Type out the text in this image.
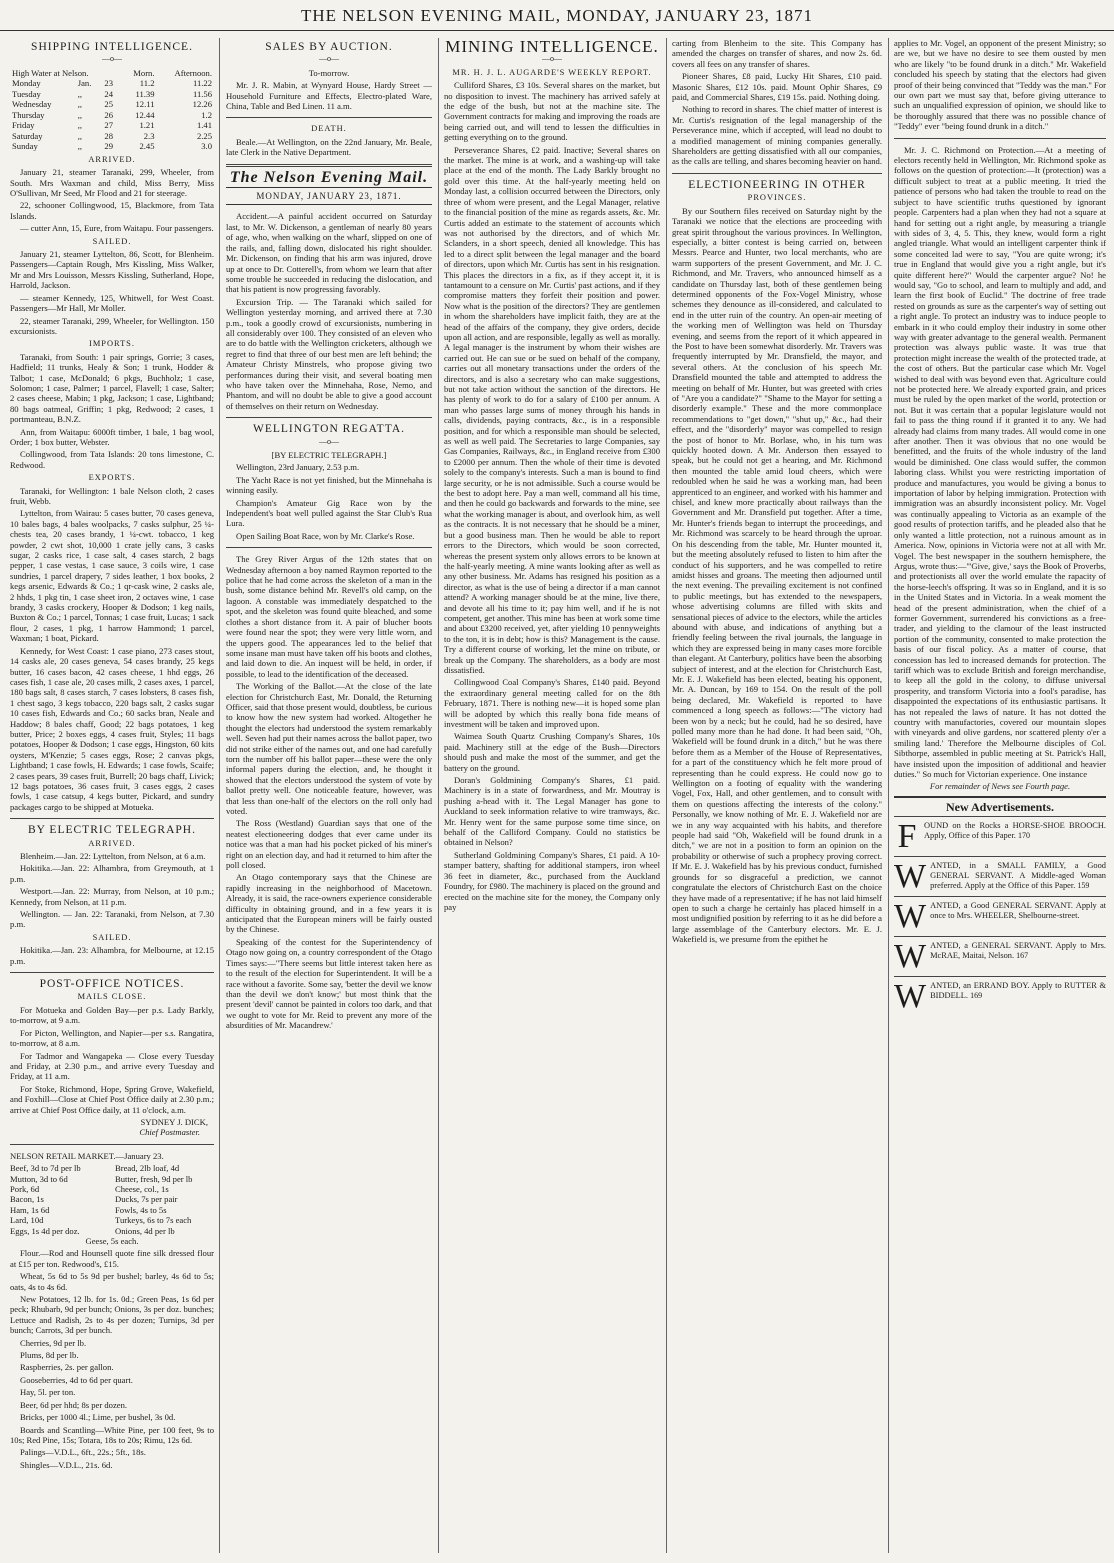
THE NELSON EVENING MAIL, MONDAY, JANUARY 23, 1871
SHIPPING INTELLIGENCE.
—o—
High Water at Nelson.			Morn.	Afternoon.
Monday	Jan.	23	11.2	11.22
Tuesday	,,	24	11.39	11.56
Wednesday	,,	25	12.11	12.26
Thursday	,,	26	12.44	1.2
Friday	,,	27	1.21	1.41
Saturday	,,	28	2.3	2.25
Sunday	,,	29	2.45	3.0
ARRIVED.

January 21, steamer Taranaki, 299, Wheeler, from South. Mrs Waxman and child, Miss Berry, Miss O'Sullivan, Mr Seed, Mr Flood and 21 for steerage.

22, schooner Collingwood, 15, Blackmore, from Tata Islands.

— cutter Ann, 15, Eure, from Waitapu. Four passengers.

SAILED.

January 21, steamer Lyttelton, 86, Scott, for Blenheim. Passengers—Captain Rough, Mrs Kissling, Miss Walker, Mr and Mrs Louisson, Messrs Kissling, Sutherland, Hope, Harrold, Jackson.

— steamer Kennedy, 125, Whitwell, for West Coast. Passengers—Mr Hall, Mr Moller.

22, steamer Taranaki, 299, Wheeler, for Wellington. 150 excursionists.

IMPORTS.

Taranaki, from South: 1 pair springs, Gorrie; 3 cases, Hadfield; 11 trunks, Healy & Son; 1 trunk, Hodder & Talbot; 1 case, McDonald; 6 pkgs, Buchholz; 1 case, Solomon; 1 case, Palmer; 1 parcel, Flavell; 1 case, Salter; 2 cases cheese, Mabin; 1 pkg, Jackson; 1 case, Lightband; 80 bags oatmeal, Griffin; 1 pkg, Redwood; 2 cases, 1 portmanteau, B.N.Z.

Ann, from Waitapu: 6000ft timber, 1 bale, 1 bag wool, Order; 1 box butter, Webster.

Collingwood, from Tata Islands: 20 tons limestone, C. Redwood.

EXPORTS.

Taranaki, for Wellington: 1 bale Nelson cloth, 2 cases fruit, Webb.

Lyttelton, from Wairau: 5 cases butter, 70 cases geneva, 10 bales bags, 4 bales woolpacks, 7 casks sulphur, 25 ¼-chests tea, 20 cases brandy, 1 ¼-cwt. tobacco, 1 keg powder, 2 cwt shot, 10,000 1 crate jelly cans, 3 casks sugar, 2 casks rice, 1 case salt, 4 cases starch, 2 bags pepper, 1 case vestas, 1 case sauce, 3 coils wire, 1 case sundries, 1 parcel drapery, 7 sides leather, 1 box books, 2 kegs arsenic, Edwards & Co.; 1 qr-cask wine, 2 casks ale, 2 hhds, 1 pkg tin, 1 case sheet iron, 2 octaves wine, 1 case brandy, 3 casks crockery, Hooper & Dodson; 1 keg nails, Buxton & Co.; 1 parcel, Tonnas; 1 case fruit, Lucas; 1 sack flour, 2 cases, 1 pkg, 1 harrow Hammond; 1 parcel, Waxman; 1 boat, Pickard.

Kennedy, for West Coast: 1 case piano, 273 cases stout, 14 casks ale, 20 cases geneva, 54 cases brandy, 25 kegs butter, 16 cases bacon, 42 cases cheese, 1 hhd eggs, 26 cases fish, 1 case ale, 20 cases milk, 2 cases axes, 1 parcel, 180 bags salt, 8 cases starch, 7 cases lobsters, 8 cases fish, 1 chest sago, 3 kegs tobacco, 220 bags salt, 2 casks sugar 10 cases fish, Edwards and Co.; 60 sacks bran, Neale and Haddow; 8 bales chaff, Good; 22 bags potatoes, 1 keg butter, Price; 2 boxes eggs, 4 cases fruit, Styles; 11 bags potatoes, Hooper & Dodson; 1 case eggs, Hingston, 60 kits oysters, M'Kenzie; 5 cases eggs, Rose; 2 canvas pkgs, Lightband; 1 case fowls, H. Edwards; 1 case fowls, Scaife; 2 cases pears, 39 cases fruit, Burrell; 20 bags chaff, Livick; 12 bags potatoes, 36 cases fruit, 3 cases eggs, 2 cases fowls, 1 case catsup, 4 kegs butter, Pickard, and sundry packages cargo to be shipped at Motueka.

BY ELECTRIC TELEGRAPH.
ARRIVED.

Blenheim.—Jan. 22: Lyttelton, from Nelson, at 6 a.m.

Hokitika.—Jan. 22: Alhambra, from Greymouth, at 1 p.m.

Westport.—Jan. 22: Murray, from Nelson, at 10 p.m.; Kennedy, from Nelson, at 11 p.m.

Wellington. — Jan. 22: Taranaki, from Nelson, at 7.30 p.m.

SAILED.

Hokitika.—Jan. 23: Alhambra, for Melbourne, at 12.15 p.m.

POST-OFFICE NOTICES.
MAILS CLOSE.

For Motueka and Golden Bay—per p.s. Lady Barkly, to-morrow, at 9 a.m.

For Picton, Wellington, and Napier—per s.s. Rangatira, to-morrow, at 8 a.m.

For Tadmor and Wangapeka — Close every Tuesday and Friday, at 2.30 p.m., and arrive every Tuesday and Friday, at 11 a.m.

For Stoke, Richmond, Hope, Spring Grove, Wakefield, and Foxhill—Close at Chief Post Office daily at 2.30 p.m.; arrive at Chief Post Office daily, at 11 o'clock, a.m.

SYDNEY J. DICK,
Chief Postmaster.

NELSON RETAIL MARKET.—January 23.

Beef, 3d to 7d per lb
Mutton, 3d to 6d
Pork, 6d
Bacon, 1s
Ham, 1s 6d
Lard, 10d
Eggs, 1s 4d per doz.
Bread, 2lb loaf, 4d
Butter, fresh, 9d per lb
Cheese, col., 1s
Ducks, 7s per pair
Fowls, 4s to 5s
Turkeys, 6s to 7s each
Onions, 4d per lb

Geese, 5s each.

Flour.—Rod and Hounsell quote fine silk dressed flour at £15 per ton. Redwood's, £15.

Wheat, 5s 6d to 5s 9d per bushel; barley, 4s 6d to 5s; oats, 4s to 4s 6d.

New Potatoes, 12 lb. for 1s. 0d.; Green Peas, 1s 6d per peck; Rhubarb, 9d per bunch; Onions, 3s per doz. bunches; Lettuce and Radish, 2s to 4s per dozen; Turnips, 3d per bunch; Carrots, 3d per bunch.

Cherries, 9d per lb.

Plums, 8d per lb.

Raspberries, 2s. per gallon.

Gooseberries, 4d to 6d per quart.

Hay, 5l. per ton.

Beer, 6d per hhd; 8s per dozen.

Bricks, per 1000 4l.; Lime, per bushel, 3s 0d.

Boards and Scantling—White Pine, per 100 feet, 9s to 10s; Red Pine, 15s; Totara, 18s to 20s; Rimu, 12s 6d.

Palings—V.D.L., 6ft., 22s.; 5ft., 18s.

Shingles—V.D.L., 21s. 6d.

SALES BY AUCTION.
—o—

To-morrow.

Mr. J. R. Mabin, at Wynyard House, Hardy Street — Household Furniture and Effects, Electro-plated Ware, China, Table and Bed Linen. 11 a.m.

DEATH.

Beale.—At Wellington, on the 22nd January, Mr. Beale, late Clerk in the Native Department.

The Nelson Evening Mail.
MONDAY, JANUARY 23, 1871.

Accident.—A painful accident occurred on Saturday last, to Mr. W. Dickenson, a gentleman of nearly 80 years of age, who, when walking on the wharf, slipped on one of the rails, and, falling down, dislocated his right shoulder. Mr. Dickenson, on finding that his arm was injured, drove up at once to Dr. Cotterell's, from whom we learn that after some trouble he succeeded in reducing the dislocation, and that his patient is now progressing favorably.

Excursion Trip. — The Taranaki which sailed for Wellington yesterday morning, and arrived there at 7.30 p.m., took a goodly crowd of excursionists, numbering in all considerably over 100. They consisted of an eleven who are to do battle with the Wellington cricketers, although we regret to find that three of our best men are left behind; the Amateur Christy Minstrels, who propose giving two performances during their visit, and several boating men who have taken over the Minnehaha, Rose, Nemo, and Phantom, and will no doubt be able to give a good account of themselves on their return on Wednesday.

WELLINGTON REGATTA.
—o—

[BY ELECTRIC TELEGRAPH.]

Wellington, 23rd January, 2.53 p.m.

The Yacht Race is not yet finished, but the Minnehaha is winning easily.

Champion's Amateur Gig Race won by the Independent's boat well pulled against the Star Club's Rua Lura.

Open Sailing Boat Race, won by Mr. Clarke's Rose.

The Grey River Argus of the 12th states that on Wednesday afternoon a boy named Raymon reported to the police that he had come across the skeleton of a man in the bush, some distance behind Mr. Revell's old camp, on the lagoon. A constable was immediately despatched to the spot, and the skeleton was found quite bleached, and some clothes a short distance from it. A pair of blucher boots were found near the spot; they were very little worn, and the uppers good. The appearances led to the belief that some insane man must have taken off his boots and clothes, and laid down to die. An inquest will be held, in order, if possible, to lead to the identification of the deceased.

The Working of the Ballot.—At the close of the late election for Christchurch East, Mr. Donald, the Returning Officer, said that those present would, doubtless, be curious to know how the new system had worked. Altogether he thought the electors had understood the system remarkably well. Seven had put their names across the ballot paper, two did not strike either of the names out, and one had carefully torn the number off his ballot paper—these were the only informal papers during the election, and, he thought it showed that the electors understood the system of vote by ballot pretty well. One noticeable feature, however, was that less than one-half of the electors on the roll only had voted.

The Ross (Westland) Guardian says that one of the neatest electioneering dodges that ever came under its notice was that a man had his pocket picked of his miner's right on an election day, and had it returned to him after the poll closed.

An Otago contemporary says that the Chinese are rapidly increasing in the neighborhood of Macetown. Already, it is said, the race-owners experience considerable difficulty in obtaining ground, and in a few years it is anticipated that the European miners will be fairly ousted by the Chinese.

Speaking of the contest for the Superintendency of Otago now going on, a country correspondent of the Otago Times says:—"There seems but little interest taken here as to the result of the election for Superintendent. It will be a race without a favorite. Some say, 'better the devil we know than the devil we don't know;' but most think that the present 'devil' cannot be painted in colors too dark, and that we ought to vote for Mr. Reid to prevent any more of the absurdities of Mr. Macandrew.'

MINING INTELLIGENCE.
—o—
MR. H. J. L. AUGARDE'S WEEKLY REPORT.

Culliford Shares, £3 10s. Several shares on the market, but no disposition to invest. The machinery has arrived safely at the edge of the bush, but not at the machine site. The Government contracts for making and improving the roads are being carried out, and will tend to lessen the difficulties in getting everything on to the ground.

Perseverance Shares, £2 paid. Inactive; Several shares on the market. The mine is at work, and a washing-up will take place at the end of the month. The Lady Barkly brought no gold over this time. At the half-yearly meeting held on Monday last, a collision occurred between the Directors, only three of whom were present, and the Legal Manager, relative to the financial position of the mine as regards assets, &c. Mr. Curtis added an estimate to the statement of accounts which was not authorised by the directors, and of which Mr. Sclanders, in a short speech, denied all knowledge. This has led to a direct split between the legal manager and the board of directors, upon which Mr. Curtis has sent in his resignation. This places the directors in a fix, as if they accept it, it is tantamount to a censure on Mr. Curtis' past actions, and if they compromise matters they forfeit their position and power. Now what is the position of the directors? They are gentlemen in whom the shareholders have implicit faith, they are at the head of the affairs of the company, they give orders, decide upon all action, and are responsible, legally as well as morally. A legal manager is the instrument by whom their wishes are carried out. He can sue or be sued on behalf of the company, carries out all monetary transactions under the orders of the directors, and is also a secretary who can make suggestions, but not take action without the sanction of the directors. He has plenty of work to do for a salary of £100 per annum. A man who passes large sums of money through his hands in calls, dividends, paying contracts, &c., is in a responsible position, and for which a responsible man should be selected, as well as well paid. The Secretaries to large Companies, say Gas Companies, Railways, &c., in England receive from £300 to £2000 per annum. Then the whole of their time is devoted solely to the company's interests. Such a man is bound to find large security, or he is not admissible. Such a course would be the best to adopt here. Pay a man well, command all his time, and then he could go backwards and forwards to the mine, see what the working manager is about, and overlook him, as well as the contracts. It is not necessary that he should be a miner, but a good business man. Then he would be able to report errors to the Directors, which would be soon corrected, whereas the present system only allows errors to be known at the half-yearly meeting. A mine wants looking after as well as any other business. Mr. Adams has resigned his position as a director, as what is the use of being a director if a man cannot attend? A working manager should be at the mine, live there, and devote all his time to it; pay him well, and if he is not competent, get another. This mine has been at work some time and about £3200 received, yet, after yielding 10 pennyweights to the ton, it is in debt; how is this? Management is the cause. Try a different course of working, let the mine on tribute, or break up the Company. The shareholders, as a body are most dissatisfied.

Collingwood Coal Company's Shares, £140 paid. Beyond the extraordinary general meeting called for on the 8th February, 1871. There is nothing new—it is hoped some plan will be adopted by which this really bona fide means of investment will be taken and improved upon.

Waimea South Quartz Crushing Company's Shares, 10s paid. Machinery still at the edge of the Bush—Directors should push and make the most of the summer, and get the battery on the ground.

Doran's Goldmining Company's Shares, £1 paid. Machinery is in a state of forwardness, and Mr. Moutray is pushing a-head with it. The Legal Manager has gone to Auckland to seek information relative to wire tramways, &c. Mr. Henry went for the same purpose some time since, on behalf of the Calliford Company. Could no statistics be obtained in Nelson?

Sutherland Goldmining Company's Shares, £1 paid. A 10-stamper battery, shafting for additional stampers, iron wheel 36 feet in diameter, &c., purchased from the Auckland Foundry, for £980. The machinery is placed on the ground and erected on the machine site for the money, the Company only pay

carting from Blenheim to the site. This Company has amended the charges on transfer of shares, and now 2s. 6d. covers all fees on any transfer of shares.

Pioneer Shares, £8 paid, Lucky Hit Shares, £10 paid. Masonic Shares, £12 10s. paid. Mount Ophir Shares, £9 paid, and Commercial Shares, £19 15s. paid. Nothing doing.

Nothing to record in shares. The chief matter of interest is Mr. Curtis's resignation of the legal managership of the Perseverance mine, which if accepted, will lead no doubt to a modified management of mining companies generally. Shareholders are getting dissatisfied with all our companies, as the calls are telling, and shares becoming heavier on hand.

ELECTIONEERING IN OTHER
PROVINCES.

By our Southern files received on Saturday night by the Taranaki we notice that the elections are proceeding with great spirit throughout the various provinces. In Wellington, especially, a bitter contest is being carried on, between Messrs. Pearce and Hunter, two local merchants, who are warm supporters of the present Government, and Mr. J. C. Richmond, and Mr. Travers, who announced himself as a candidate on Thursday last, both of these gentlemen being determined opponents of the Fox-Vogel Ministry, whose schemes they denounce as ill-considered, and calculated to end in the utter ruin of the country. An open-air meeting of the working men of Wellington was held on Thursday evening, and seems from the report of it which appeared in the Post to have been somewhat disorderly. Mr. Travers was frequently interrupted by Mr. Dransfield, the mayor, and several others. At the conclusion of his speech Mr. Dransfield mounted the table and attempted to address the meeting on behalf of Mr. Hunter, but was greeted with cries of "Are you a candidate?" "Shame to the Mayor for setting a disorderly example." These and the more commonplace recommendations to "get down," "shut up," &c., had their effect, and the "disorderly" mayor was compelled to resign the post of honor to Mr. Borlase, who, in his turn was quickly hooted down. A Mr. Anderson then essayed to speak, but he could not get a hearing, and Mr. Richmond then mounted the table amid loud cheers, which were redoubled when he said he was a working man, had been apprenticed to an engineer, and worked with his hammer and chisel, and knew more practically about railways than the Government and Mr. Dransfield put together. After a time, Mr. Hunter's friends began to interrupt the proceedings, and Mr. Richmond was scarcely to be heard through the uproar. On his descending from the table, Mr. Hunter mounted it, but the meeting absolutely refused to listen to him after the conduct of his supporters, and he was compelled to retire amidst hisses and groans. The meeting then adjourned until the next evening. The prevailing excitement is not confined to public meetings, but has extended to the newspapers, whose advertising columns are filled with skits and sensational pieces of advice to the electors, while the articles abound with abuse, and indications of anything but a friendly feeling between the rival journals, the language in which they are expressed being in many cases more forcible than elegant. At Canterbury, politics have been the absorbing subject of interest, and at the election for Christchurch East, Mr. E. J. Wakefield has been elected, beating his opponent, Mr. A. Duncan, by 169 to 154. On the result of the poll being declared, Mr. Wakefield is reported to have commenced a long speech as follows:—"The victory had been won by a neck; but he could, had he so desired, have polled many more than he had done. It had been said, "Oh, Wakefield will be found drunk in a ditch," but he was there before them as a Member of the House of Representatives, for a part of the constituency which he felt more proud of representing than he could express. He could now go to Wellington on a footing of equality with the wandering Vogel, Fox, Hall, and other gentlemen, and to consult with them on questions affecting the interests of the colony." Personally, we know nothing of Mr. E. J. Wakefield nor are we in any way acquainted with his habits, and therefore people had said "Oh, Wakefield will be found drunk in a ditch," we are not in a position to form an opinion on the probability or otherwise of such a prophecy proving correct. If Mr. E. J. Wakefield has by his previous conduct, furnished grounds for so disgraceful a prediction, we cannot congratulate the electors of Christchurch East on the choice they have made of a representative; if he has not laid himself open to such a charge he certainly has placed himself in a most undignified position by referring to it as he did before a large assemblage of the Canterbury electors. Mr. E. J. Wakefield is, we presume from the epithet he

applies to Mr. Vogel, an opponent of the present Ministry; so are we, but we have no desire to see them ousted by men who are likely "to be found drunk in a ditch." Mr. Wakefield concluded his speech by stating that the electors had given proof of their being convinced that "Teddy was the man." For our own part we must say that, before giving utterance to such an unqualified expression of opinion, we should like to be thoroughly assured that there was no possible chance of "Teddy" ever "being found drunk in a ditch."

Mr. J. C. Richmond on Protection.—At a meeting of electors recently held in Wellington, Mr. Richmond spoke as follows on the question of protection:—It (protection) was a difficult subject to treat at a public meeting. It tried the patience of persons who had taken the trouble to read on the subject to have scientific truths questioned by ignorant people. Carpenters had a plan when they had not a square at hand for setting out a right angle, by measuring a triangle with sides of 3, 4, 5. This, they knew, would form a right angled triangle. What would an intelligent carpenter think if some conceited lad were to say, "You are quite wrong; it's true in England that would give you a right angle, but it's quite different here?" Would the carpenter argue? No! he would say, "Go to school, and learn to multiply and add, and learn the first book of Euclid." The doctrine of free trade rested on grounds as sure as the carpenter's way of setting out a right angle. To protect an industry was to induce people to embark in it who could employ their industry in some other way with greater advantage to the general wealth. Permanent protection was always public waste. It was true that protection might increase the wealth of the protected trade, at the cost of others. But the particular case which Mr. Vogel wished to deal with was beyond even that. Agriculture could not be protected here. We already exported grain, and prices must be ruled by the open market of the world, protection or not. But it was certain that a popular legislature would not fail to pass the thing round if it granted it to any. We had already had claims from many trades. All would come in one after another. Then it was obvious that no one would be benefitted, and the fruits of the whole industry of the land would be diminished. One class would suffer, the common laboring class. Whilst you were restricting importation of produce and manufactures, you would be giving a bonus to importation of labor by helping immigration. Protection with immigration was an absurdly inconsistent policy. Mr. Vogel was continually appealing to Victoria as an example of the good results of protection tariffs, and he pleaded also that he only wanted a little protection, not a ruinous amount as in America. Now, opinions in Victoria were not at all with Mr. Vogel. The best newspaper in the southern hemisphere, the Argus, wrote thus:—"'Give, give,' says the Book of Proverbs, and protectionists all over the world emulate the rapacity of the horse-leech's offspring. It was so in England, and it is so in the United States and in Victoria. In a weak moment the head of the present administration, when the chief of a former Government, surrendered his convictions as a free-trader, and yielding to the clamour of the least instructed portion of the community, consented to make protection the basis of our fiscal policy. As a matter of course, that concession has led to increased demands for protection. The tariff which was to exclude British and foreign merchandise, to keep all the gold in the colony, to diffuse universal prosperity, and transform Victoria into a fool's paradise, has disappointed the expectations of its enthusiastic partisans. It has not repealed the laws of nature. It has not dotted the country with manufactories, covered our mountain slopes with vineyards and olive gardens, nor scattered plenty o'er a smiling land.' Therefore the Melbourne disciples of Col. Sibthorpe, assembled in public meeting at St. Patrick's Hall, have insisted upon the imposition of additional and heavier duties." So much for Victorian experience. One instance

For remainder of News see Fourth page.

New Advertisements.
F OUND on the Rocks a HORSE-SHOE BROOCH. Apply, Office of this Paper. 170
W ANTED, in a SMALL FAMILY, a Good GENERAL SERVANT. A Middle-aged Woman preferred. Apply at the Office of this Paper. 159
W ANTED, a Good GENERAL SERVANT. Apply at once to Mrs. WHEELER, Shelbourne-street.
W ANTED, a GENERAL SERVANT. Apply to Mrs. McRAE, Maitai, Nelson. 167
W ANTED, an ERRAND BOY. Apply to RUTTER & BIDDELL. 169
